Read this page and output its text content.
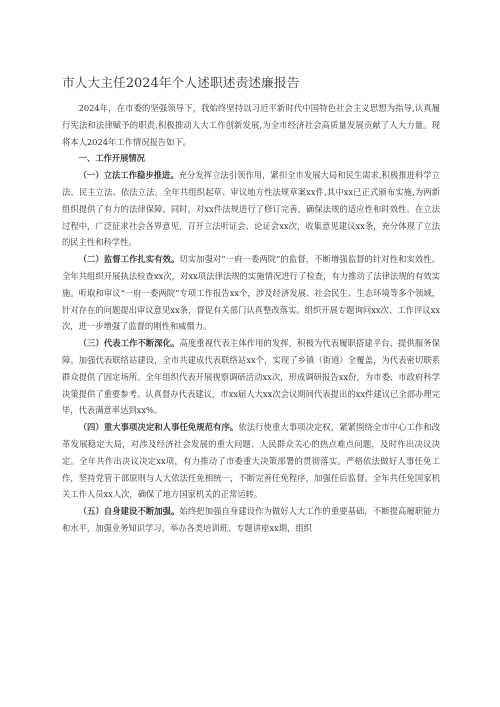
市人大主任2024年个人述职述责述廉报告

2024年，在市委的坚强领导下，我始终坚持以习近平新时代中国特色社会主义思想为指导,认真履行宪法和法律赋予的职责,积极推动人大工作创新发展,为全市经济社会高质量发展贡献了人大力量。现将本人2024年工作情况报告如下。

一、工作开展情况

（一）立法工作稳步推进。充分发挥立法引领作用，紧扣全市发展大局和民生需求,积极推进科学立法、民主立法、依法立法。全年共组织起草、审议地方性法规草案xx件,其中xx已正式颁布实施,为两新组织提供了有力的法律保障。同时，对xx件法规进行了修订完善，确保法规的适应性和时效性。在立法过程中，广泛征求社会各界意见，召开立法听证会、论证会xx次，收集意见建议xx条，充分体现了立法的民主性和科学性。

（二）监督工作扎实有效。切实加强对“一府一委两院”的监督，不断增强监督的针对性和实效性。全年共组织开展执法检查xx次，对xx项法律法规的实施情况进行了检查，有力推动了法律法规的有效实施。听取和审议“一府一委两院”专项工作报告xx个，涉及经济发展、社会民生、生态环境等多个领域，针对存在的问题提出审议意见xx条，督促有关部门认真整改落实。组织开展专题询问xx次、工作评议xx次，进一步增强了监督的刚性和威慑力。

（三）代表工作不断深化。高度重视代表主体作用的发挥，积极为代表履职搭建平台、提供服务保障。加强代表联络站建设，全市共建成代表联络站xx个，实现了乡镇（街道）全覆盖，为代表密切联系群众提供了固定场所。全年组织代表开展视察调研活动xx次，形成调研报告xx份，为市委、市政府科学决策提供了重要参考。认真督办代表建议，市xx届人大xx次会议期间代表提出的xx件建议已全部办理完毕，代表满意率达到xx%。

（四）重大事项决定和人事任免规范有序。依法行使重大事项决定权，紧紧围绕全市中心工作和改革发展稳定大局，对涉及经济社会发展的重大问题、人民群众关心的热点难点问题，及时作出决议决定。全年共作出决议决定xx项，有力推动了市委重大决策部署的贯彻落实。严格依法做好人事任免工作，坚持党管干部原则与人大依法任免相统一，不断完善任免程序，加强任后监督。全年共任免国家机关工作人员xx人次，确保了地方国家机关的正常运转。

（五）自身建设不断加强。始终把加强自身建设作为做好人大工作的重要基础，不断提高履职能力和水平，加强业务知识学习，举办各类培训班、专题讲座xx期，组织
